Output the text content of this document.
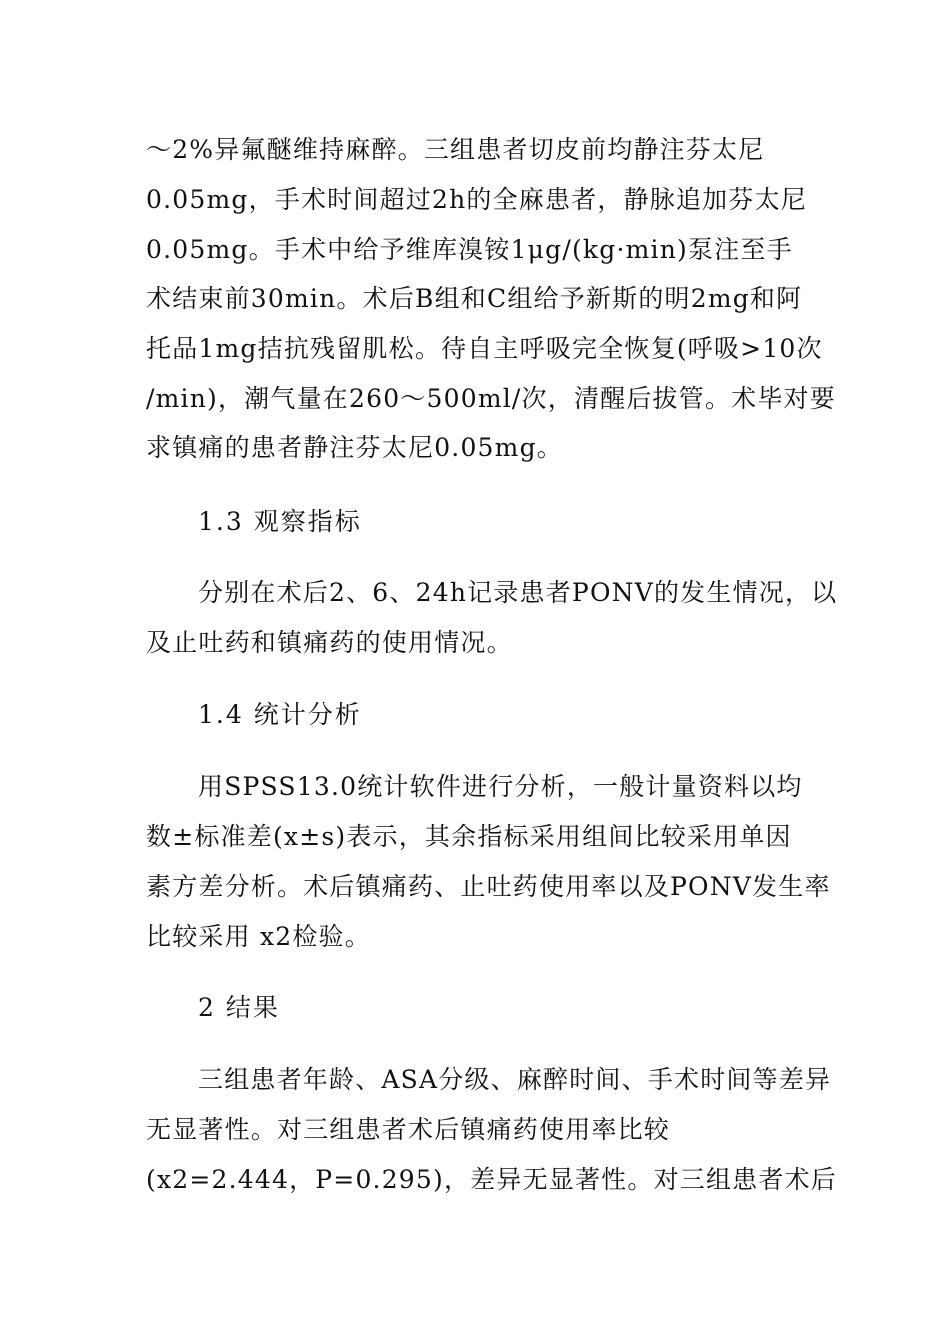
～2%异氟醚维持麻醉。三组患者切皮前均静注芬太尼
0.05mg，手术时间超过2h的全麻患者，静脉追加芬太尼
0.05mg。手术中给予维库溴铵1μg/(kg·min)泵注至手
术结束前30min。术后B组和C组给予新斯的明2mg和阿
托品1mg拮抗残留肌松。待自主呼吸完全恢复(呼吸>10次
/min)，潮气量在260～500ml/次，清醒后拔管。术毕对要
求镇痛的患者静注芬太尼0.05mg。
1.3 观察指标
分别在术后2、6、24h记录患者PONV的发生情况，以
及止吐药和镇痛药的使用情况。
1.4 统计分析
用SPSS13.0统计软件进行分析，一般计量资料以均
数±标准差(x±s)表示，其余指标采用组间比较采用单因
素方差分析。术后镇痛药、止吐药使用率以及PONV发生率
比较采用 x2检验。
2 结果
三组患者年龄、ASA分级、麻醉时间、手术时间等差异
无显著性。对三组患者术后镇痛药使用率比较
(x2=2.444，P=0.295)，差异无显著性。对三组患者术后
